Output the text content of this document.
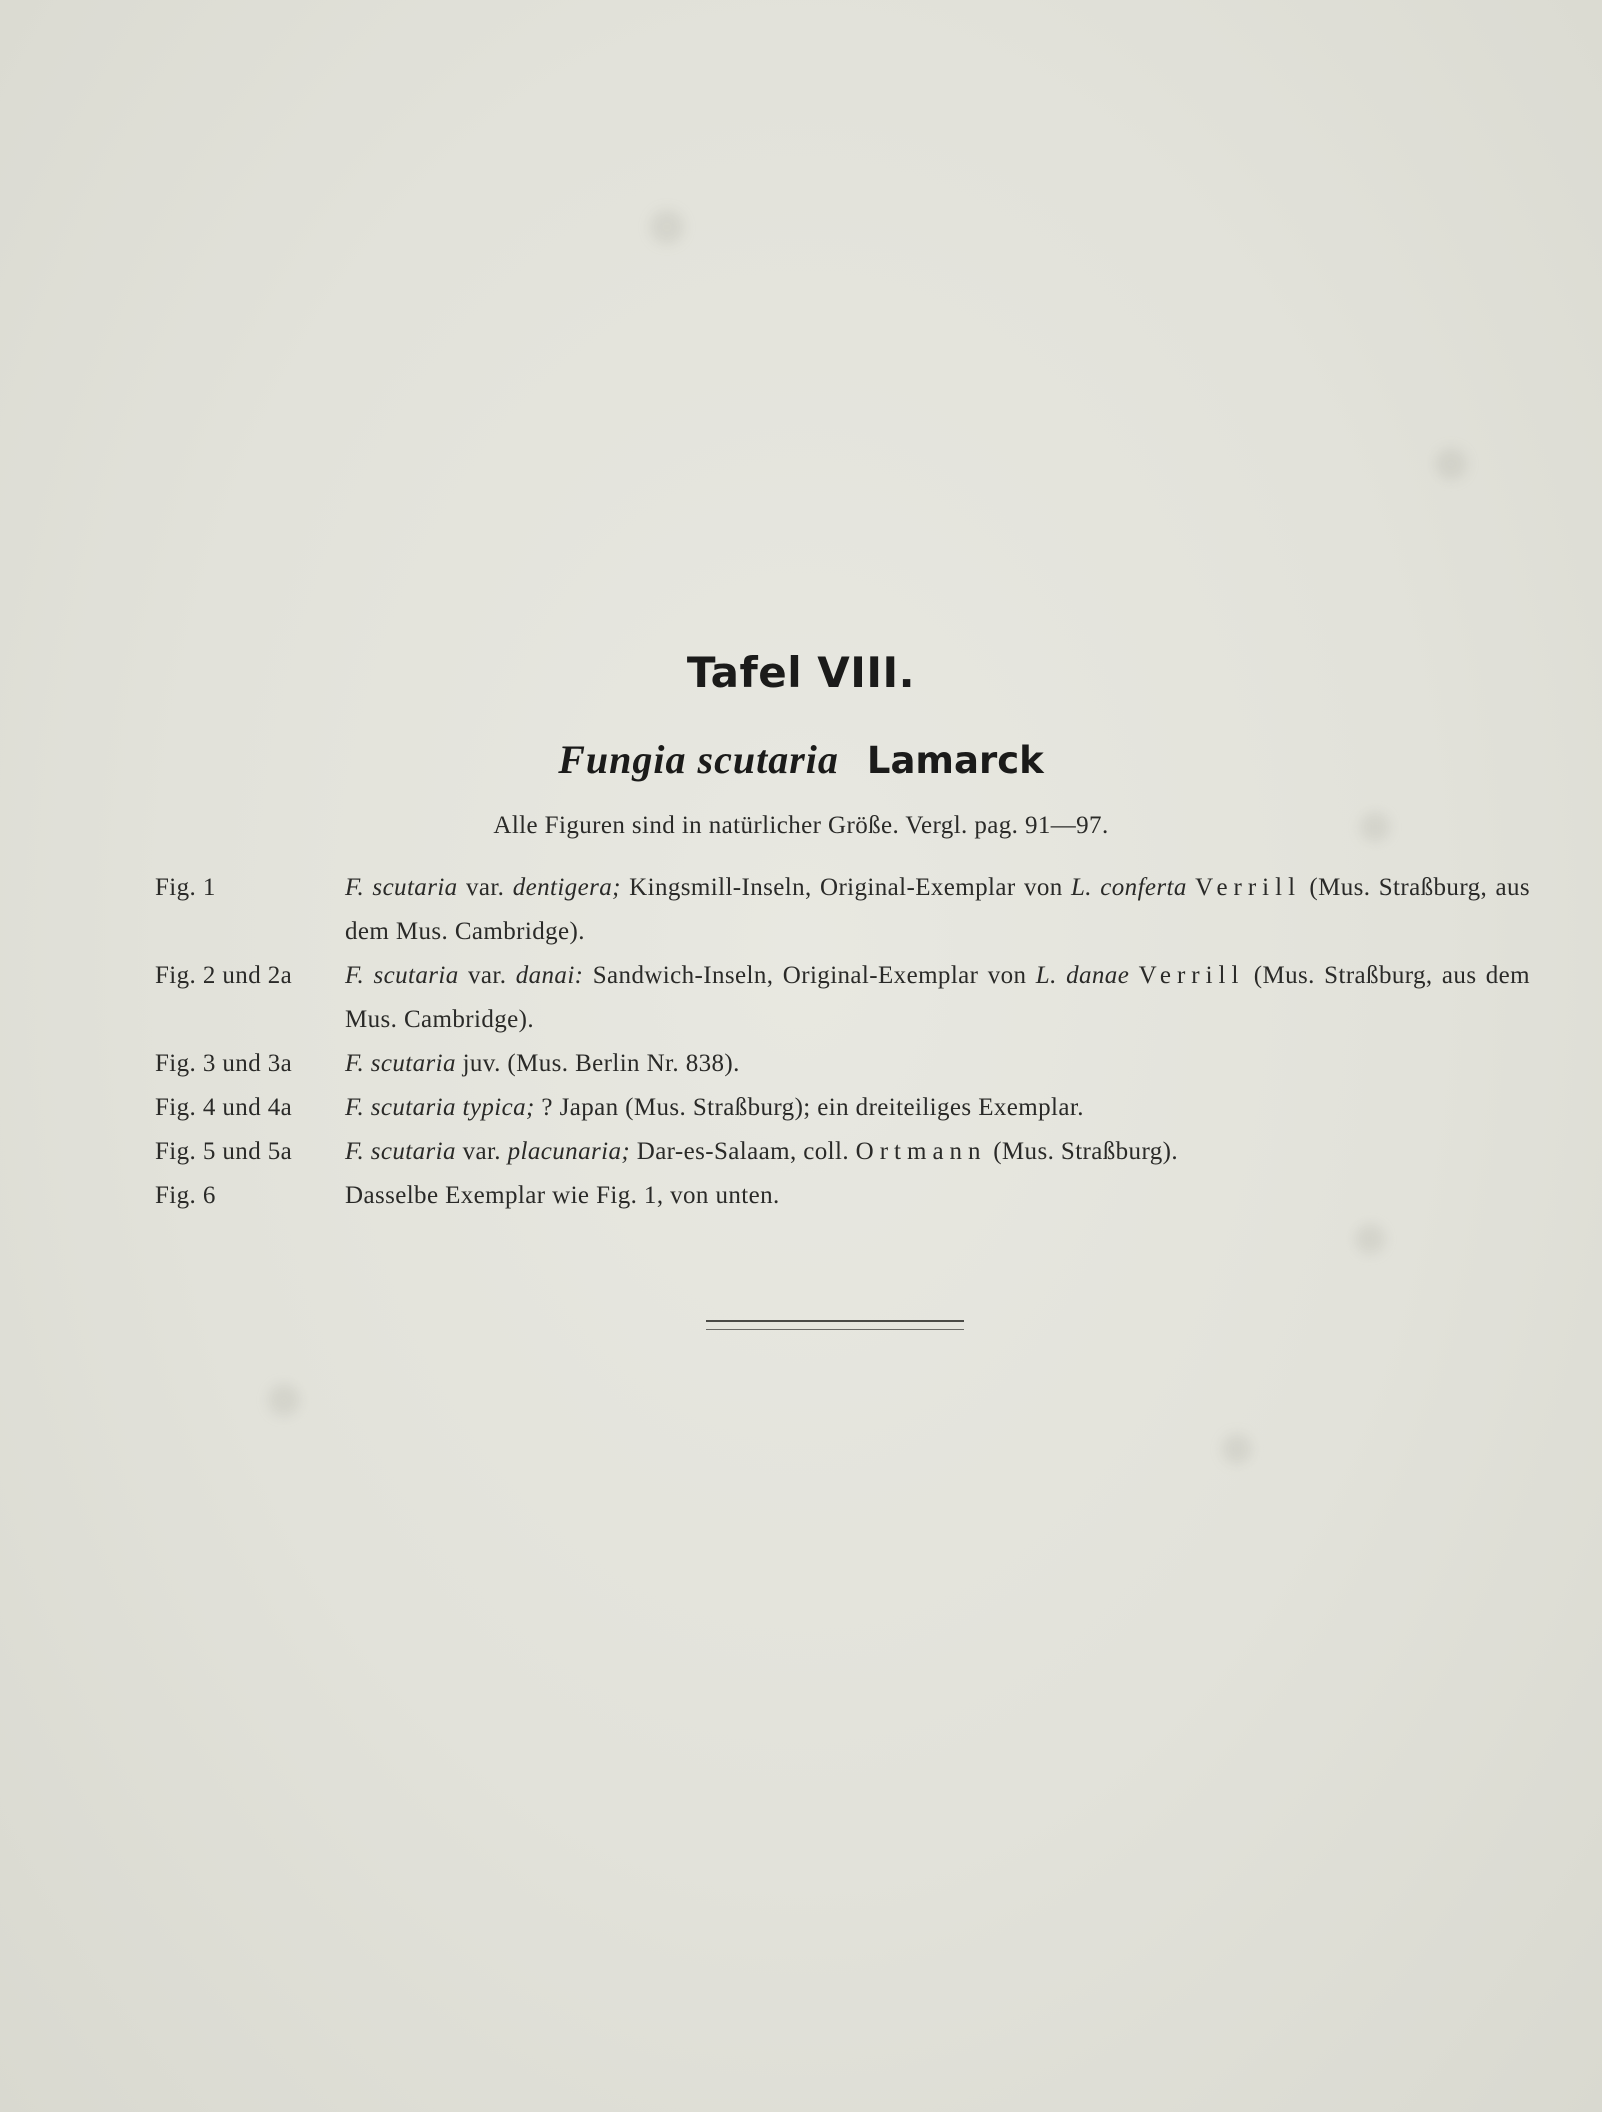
Tafel VIII.
Fungia scutaria Lamarck
Alle Figuren sind in natürlicher Größe. Vergl. pag. 91—97.
Fig. 1	F. scutaria var. dentigera; Kingsmill-Inseln, Original-Exemplar von L. conferta Verrill (Mus. Straßburg, aus dem Mus. Cambridge).
Fig. 2 und 2a	F. scutaria var. danai: Sandwich-Inseln, Original-Exemplar von L. danae Verrill (Mus. Straßburg, aus dem Mus. Cambridge).
Fig. 3 und 3a	F. scutaria juv. (Mus. Berlin Nr. 838).
Fig. 4 und 4a	F. scutaria typica; ? Japan (Mus. Straßburg); ein dreiteiliges Exemplar.
Fig. 5 und 5a	F. scutaria var. placunaria; Dar-es-Salaam, coll. Ortmann (Mus. Straßburg).
Fig. 6	Dasselbe Exemplar wie Fig. 1, von unten.
